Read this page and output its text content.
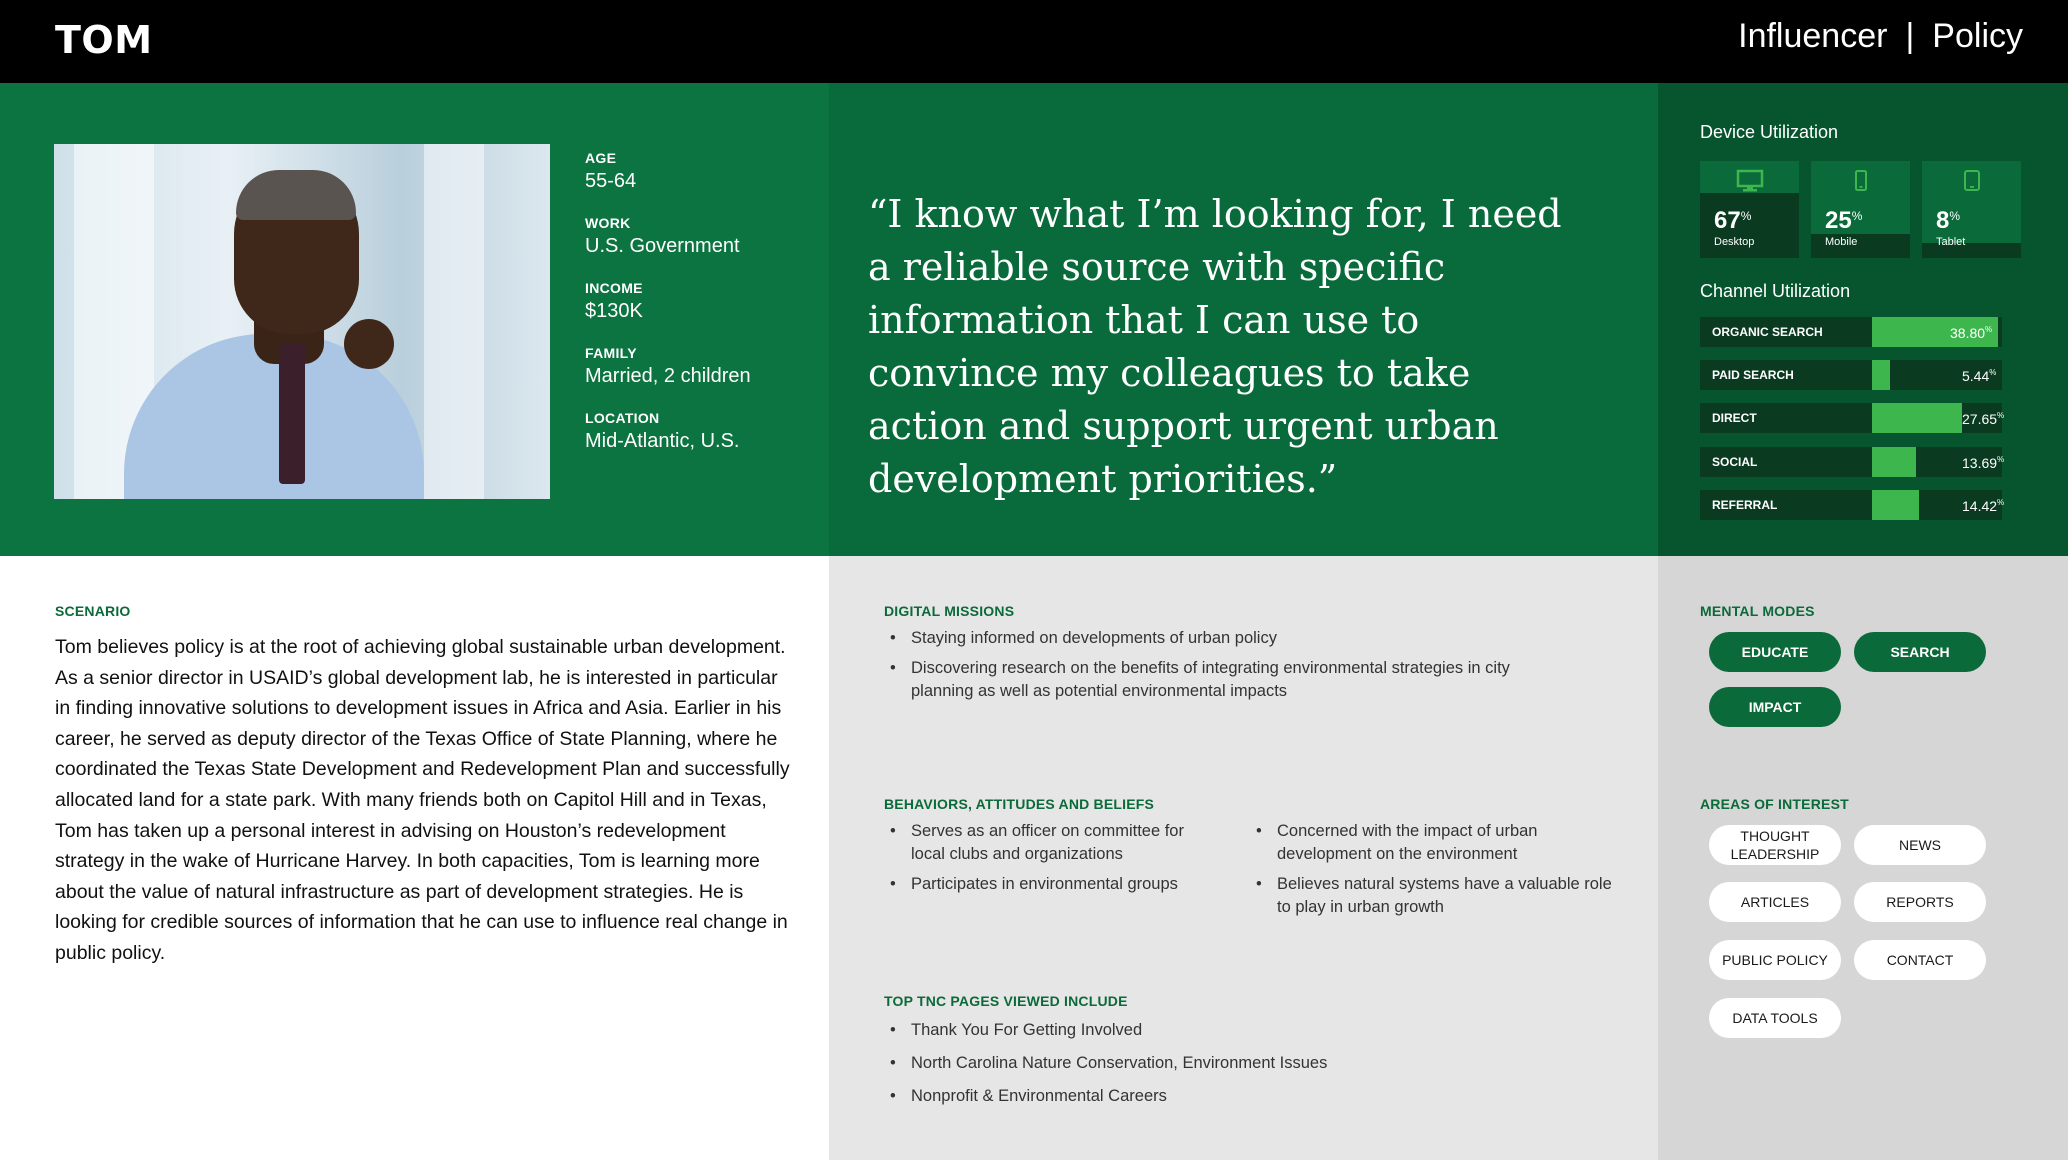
TOM	Influencer | Policy
AGE
55-64
WORK
U.S. Government
INCOME
$130K
FAMILY
Married, 2 children
LOCATION
Mid-Atlantic, U.S.
“I know what I’m looking for, I need a reliable source with specific information that I can use to convince my colleagues to take action and support urgent urban development priorities.”
Device Utilization
67%
Desktop
25%
Mobile
8%
Tablet
Channel Utilization
ORGANIC SEARCH	38.80%
PAID SEARCH	5.44%
DIRECT	27.65%
SOCIAL	13.69%
REFERRAL	14.42%
SCENARIO
Tom believes policy is at the root of achieving global sustainable urban development. As a senior director in USAID’s global development lab, he is interested in particular in finding innovative solutions to development issues in Africa and Asia. Earlier in his career, he served as deputy director of the Texas Office of State Planning, where he coordinated the Texas State Development and Redevelopment Plan and successfully allocated land for a state park. With many friends both on Capitol Hill and in Texas, Tom has taken up a personal interest in advising on Houston’s redevelopment strategy in the wake of Hurricane Harvey. In both capacities, Tom is learning more about the value of natural infrastructure as part of development strategies. He is looking for credible sources of information that he can use to influence real change in public policy.
DIGITAL MISSIONS
• Staying informed on developments of urban policy
• Discovering research on the benefits of integrating environmental strategies in city planning as well as potential environmental impacts
BEHAVIORS, ATTITUDES AND BELIEFS
• Serves as an officer on committee for local clubs and organizations
• Participates in environmental groups
• Concerned with the impact of urban development on the environment
• Believes natural systems have a valuable role to play in urban growth
TOP TNC PAGES VIEWED INCLUDE
• Thank You For Getting Involved
• North Carolina Nature Conservation, Environment Issues
• Nonprofit & Environmental Careers
MENTAL MODES
EDUCATE	SEARCH
IMPACT
AREAS OF INTEREST
THOUGHT LEADERSHIP
NEWS
ARTICLES	REPORTS
PUBLIC POLICY	CONTACT
DATA TOOLS
